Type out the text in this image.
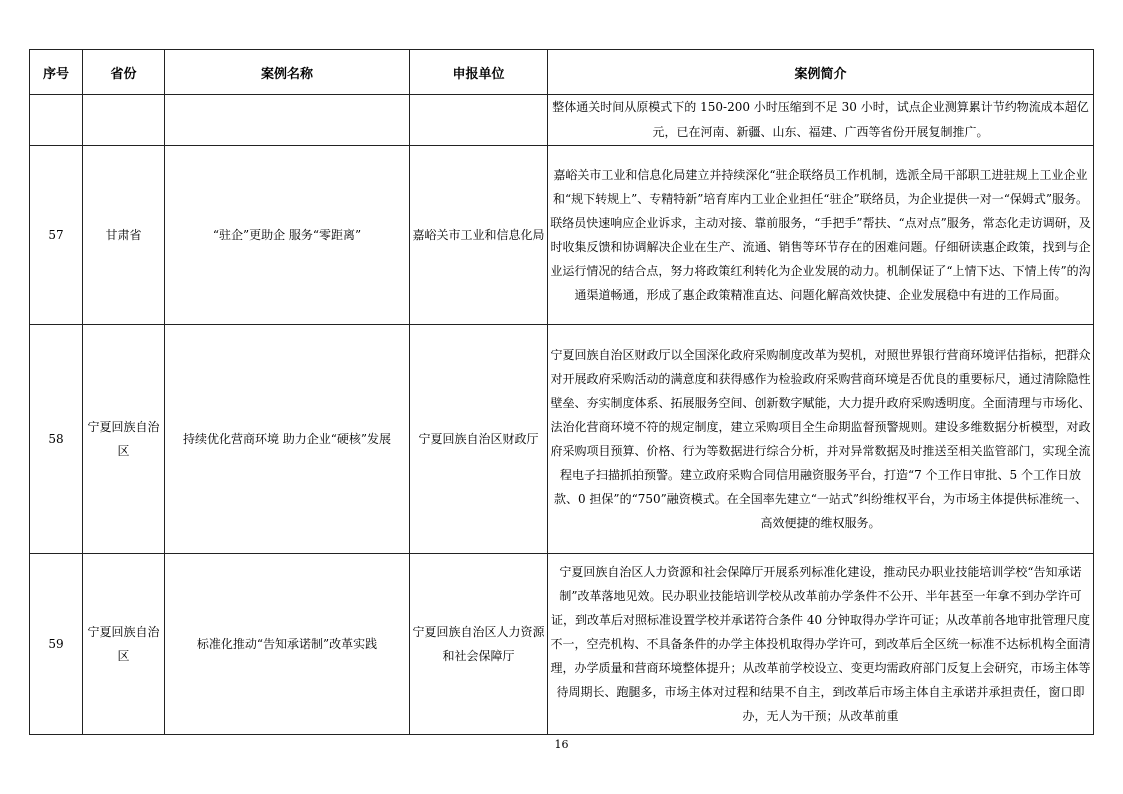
序号	省份	案例名称	申报单位	案例简介
				整体通关时间从原模式下的 150-200 小时压缩到不足 30 小时，试点企业测算累计节约物流成本超亿元，已在河南、新疆、山东、福建、广西等省份开展复制推广。
57	甘肃省	“驻企”更助企 服务“零距离”	嘉峪关市工业和信息化局	嘉峪关市工业和信息化局建立并持续深化“驻企联络员工作机制，选派全局干部职工进驻规上工业企业和“规下转规上”、专精特新”培育库内工业企业担任“驻企”联络员，为企业提供一对一“保姆式”服务。联络员快速响应企业诉求，主动对接、靠前服务，“手把手”帮扶、“点对点”服务，常态化走访调研，及时收集反馈和协调解决企业在生产、流通、销售等环节存在的困难问题。仔细研读惠企政策，找到与企业运行情况的结合点，努力将政策红利转化为企业发展的动力。机制保证了“上情下达、下情上传”的沟通渠道畅通，形成了惠企政策精准直达、问题化解高效快捷、企业发展稳中有进的工作局面。
58	宁夏回族自治区	持续优化营商环境 助力企业“硬核”发展	宁夏回族自治区财政厅	宁夏回族自治区财政厅以全国深化政府采购制度改革为契机，对照世界银行营商环境评估指标，把群众对开展政府采购活动的满意度和获得感作为检验政府采购营商环境是否优良的重要标尺，通过清除隐性壁垒、夯实制度体系、拓展服务空间、创新数字赋能，大力提升政府采购透明度。全面清理与市场化、法治化营商环境不符的规定制度，建立采购项目全生命期监督预警规则。建设多维数据分析模型，对政府采购项目预算、价格、行为等数据进行综合分析，并对异常数据及时推送至相关监管部门，实现全流程电子扫描抓拍预警。建立政府采购合同信用融资服务平台，打造“7 个工作日审批、5 个工作日放款、0 担保”的“750”融资模式。在全国率先建立“一站式”纠纷维权平台，为市场主体提供标准统一、高效便捷的维权服务。
59	宁夏回族自治区	标准化推动“告知承诺制”改革实践	宁夏回族自治区人力资源和社会保障厅	宁夏回族自治区人力资源和社会保障厅开展系列标准化建设，推动民办职业技能培训学校“告知承诺制”改革落地见效。民办职业技能培训学校从改革前办学条件不公开、半年甚至一年拿不到办学许可证，到改革后对照标准设置学校并承诺符合条件 40 分钟取得办学许可证；从改革前各地审批管理尺度不一，空壳机构、不具备条件的办学主体投机取得办学许可，到改革后全区统一标准不达标机构全面清理，办学质量和营商环境整体提升；从改革前学校设立、变更均需政府部门反复上会研究，市场主体等待周期长、跑腿多，市场主体对过程和结果不自主，到改革后市场主体自主承诺并承担责任，窗口即办，无人为干预；从改革前重
16
